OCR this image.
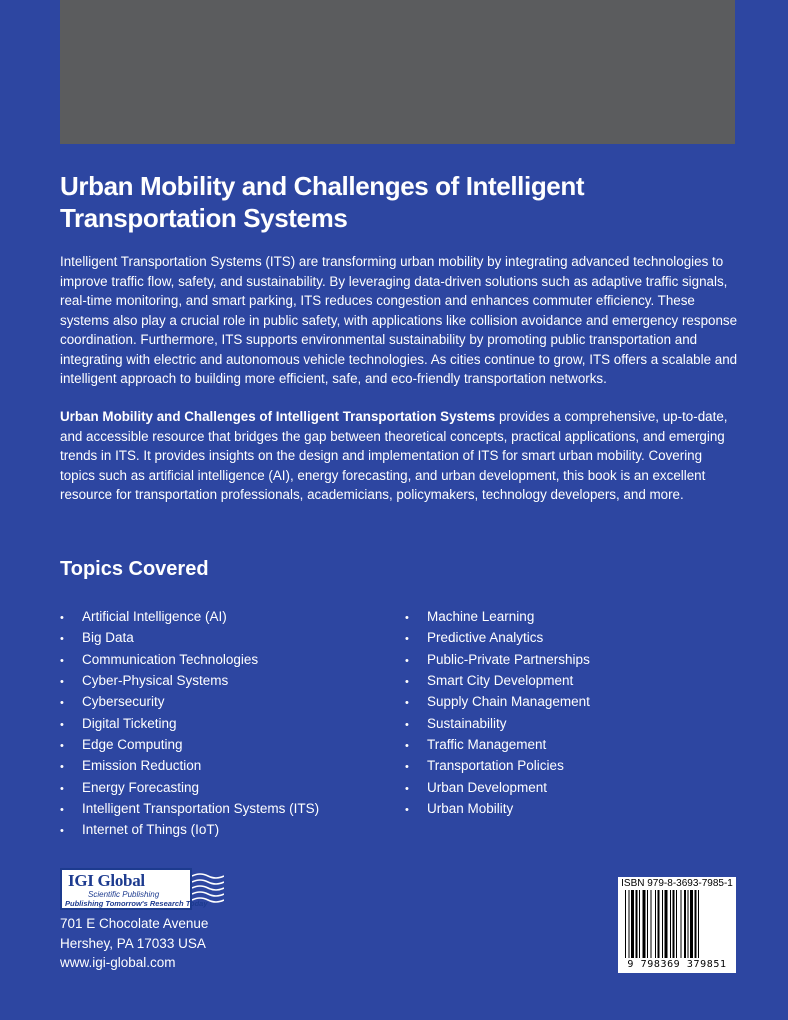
Urban Mobility and Challenges of Intelligent Transportation Systems

Intelligent Transportation Systems (ITS) are transforming urban mobility by integrating advanced technologies to improve traffic flow, safety, and sustainability. By leveraging data-driven solutions such as adaptive traffic signals, real-time monitoring, and smart parking, ITS reduces congestion and enhances commuter efficiency. These systems also play a crucial role in public safety, with applications like collision avoidance and emergency response coordination. Furthermore, ITS supports environmental sustainability by promoting public transportation and integrating with electric and autonomous vehicle technologies. As cities continue to grow, ITS offers a scalable and intelligent approach to building more efficient, safe, and eco-friendly transportation networks.

Urban Mobility and Challenges of Intelligent Transportation Systems provides a comprehensive, up-to-date, and accessible resource that bridges the gap between theoretical concepts, practical applications, and emerging trends in ITS. It provides insights on the design and implementation of ITS for smart urban mobility. Covering topics such as artificial intelligence (AI), energy forecasting, and urban development, this book is an excellent resource for transportation professionals, academicians, policymakers, technology developers, and more.

Topics Covered
• Artificial Intelligence (AI)
• Big Data
• Communication Technologies
• Cyber-Physical Systems
• Cybersecurity
• Digital Ticketing
• Edge Computing
• Emission Reduction
• Energy Forecasting
• Intelligent Transportation Systems (ITS)
• Internet of Things (IoT)
• Machine Learning
• Predictive Analytics
• Public-Private Partnerships
• Smart City Development
• Supply Chain Management
• Sustainability
• Traffic Management
• Transportation Policies
• Urban Development
• Urban Mobility
IGI Global
Scientific Publishing
Publishing Tomorrow's Research Today

701 E Chocolate Avenue
Hershey, PA 17033 USA
www.igi-global.com

ISBN 979-8-3693-7985-1
9 798369 379851
